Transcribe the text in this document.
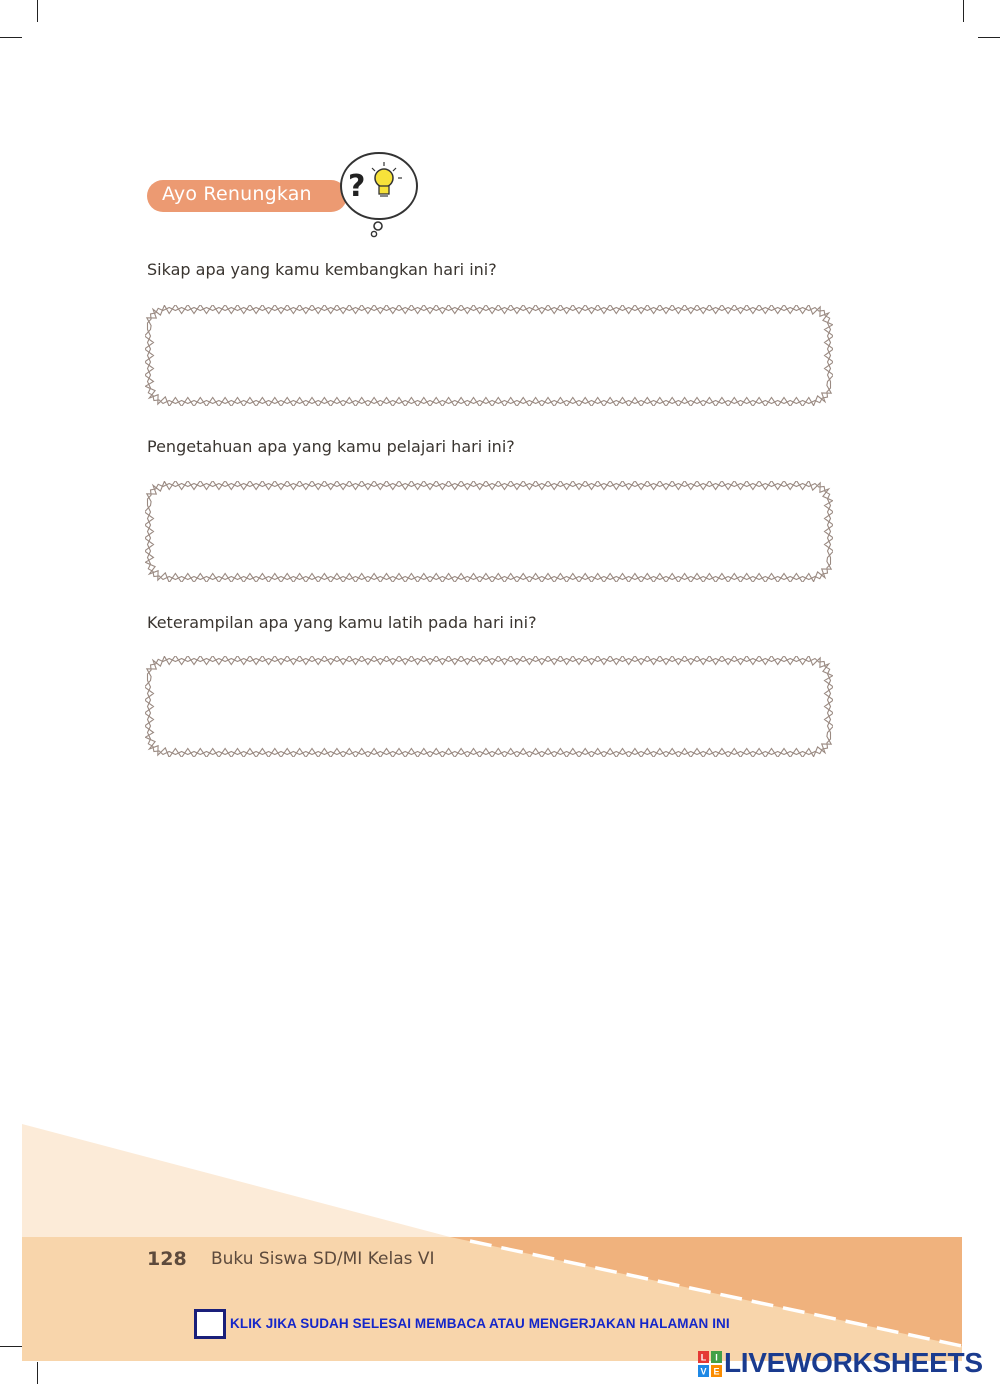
Ayo Renungkan ?
Sikap apa yang kamu kembangkan hari ini?
Pengetahuan apa yang kamu pelajari hari ini?
Keterampilan apa yang kamu latih pada hari ini?
128 Buku Siswa SD/MI Kelas VI
KLIK JIKA SUDAH SELESAI MEMBACA ATAU MENGERJAKAN HALAMAN INI
L I
V E LIVEWORKSHEETS
